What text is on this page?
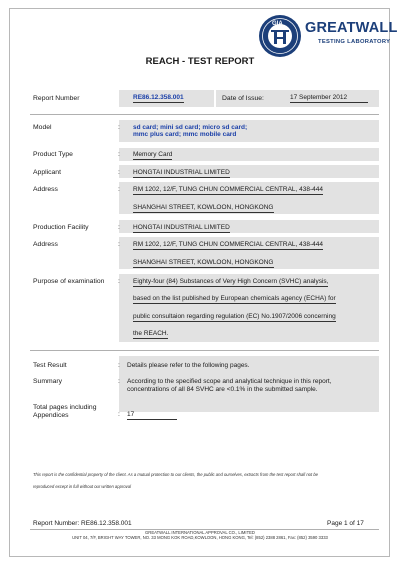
GIA GREATWALL
TESTING LABORATORY
REACH - TEST REPORT
Report Number	RE86.12.358.001	Date of Issue:	17 September 2012
Model	: sd card; mini sd card; micro sd card;
mmc plus card; mmc mobile card
Product Type	: Memory Card
Applicant	: HONGTAI INDUSTRIAL LIMITED
Address	: RM 1202, 12/F, TUNG CHUN COMMERCIAL CENTRAL, 438-444
SHANGHAI STREET, KOWLOON, HONGKONG
Production Facility	: HONGTAI INDUSTRIAL LIMITED
Address	: RM 1202, 12/F, TUNG CHUN COMMERCIAL CENTRAL, 438-444
SHANGHAI STREET, KOWLOON, HONGKONG
Purpose of examination : Eighty-four (84) Substances of Very High Concern (SVHC) analysis,
based on the list published by European chemicals agency (ECHA) for
public consultaion regarding regulation (EC) No.1907/2006 concerning
the REACH.
Test Result	: Details please refer to the following pages.
Summary	: According to the specified scope and analytical technique in this report,
concentrations of all 84 SVHC are <0.1% in the submitted sample.
Total pages including
Appendices	: 17
This report is the confidential property of the client. As a mutual protection to our clients, the public and ourselves, extracts from the test report shall not be
reproduced except in full without our written approval
Report Number: RE86.12.358.001	Page 1 of 17
GREATWALL INTERNATIONAL APPROVAL CO., LIMITED
UNIT 04, 7/F, BRIGHT WAY TOWER, NO. 33 MONG KOK ROAD,KOWLOON, HONG KONG, Tel: (852) 2388 2861, Fax: (852) 3590 3333
